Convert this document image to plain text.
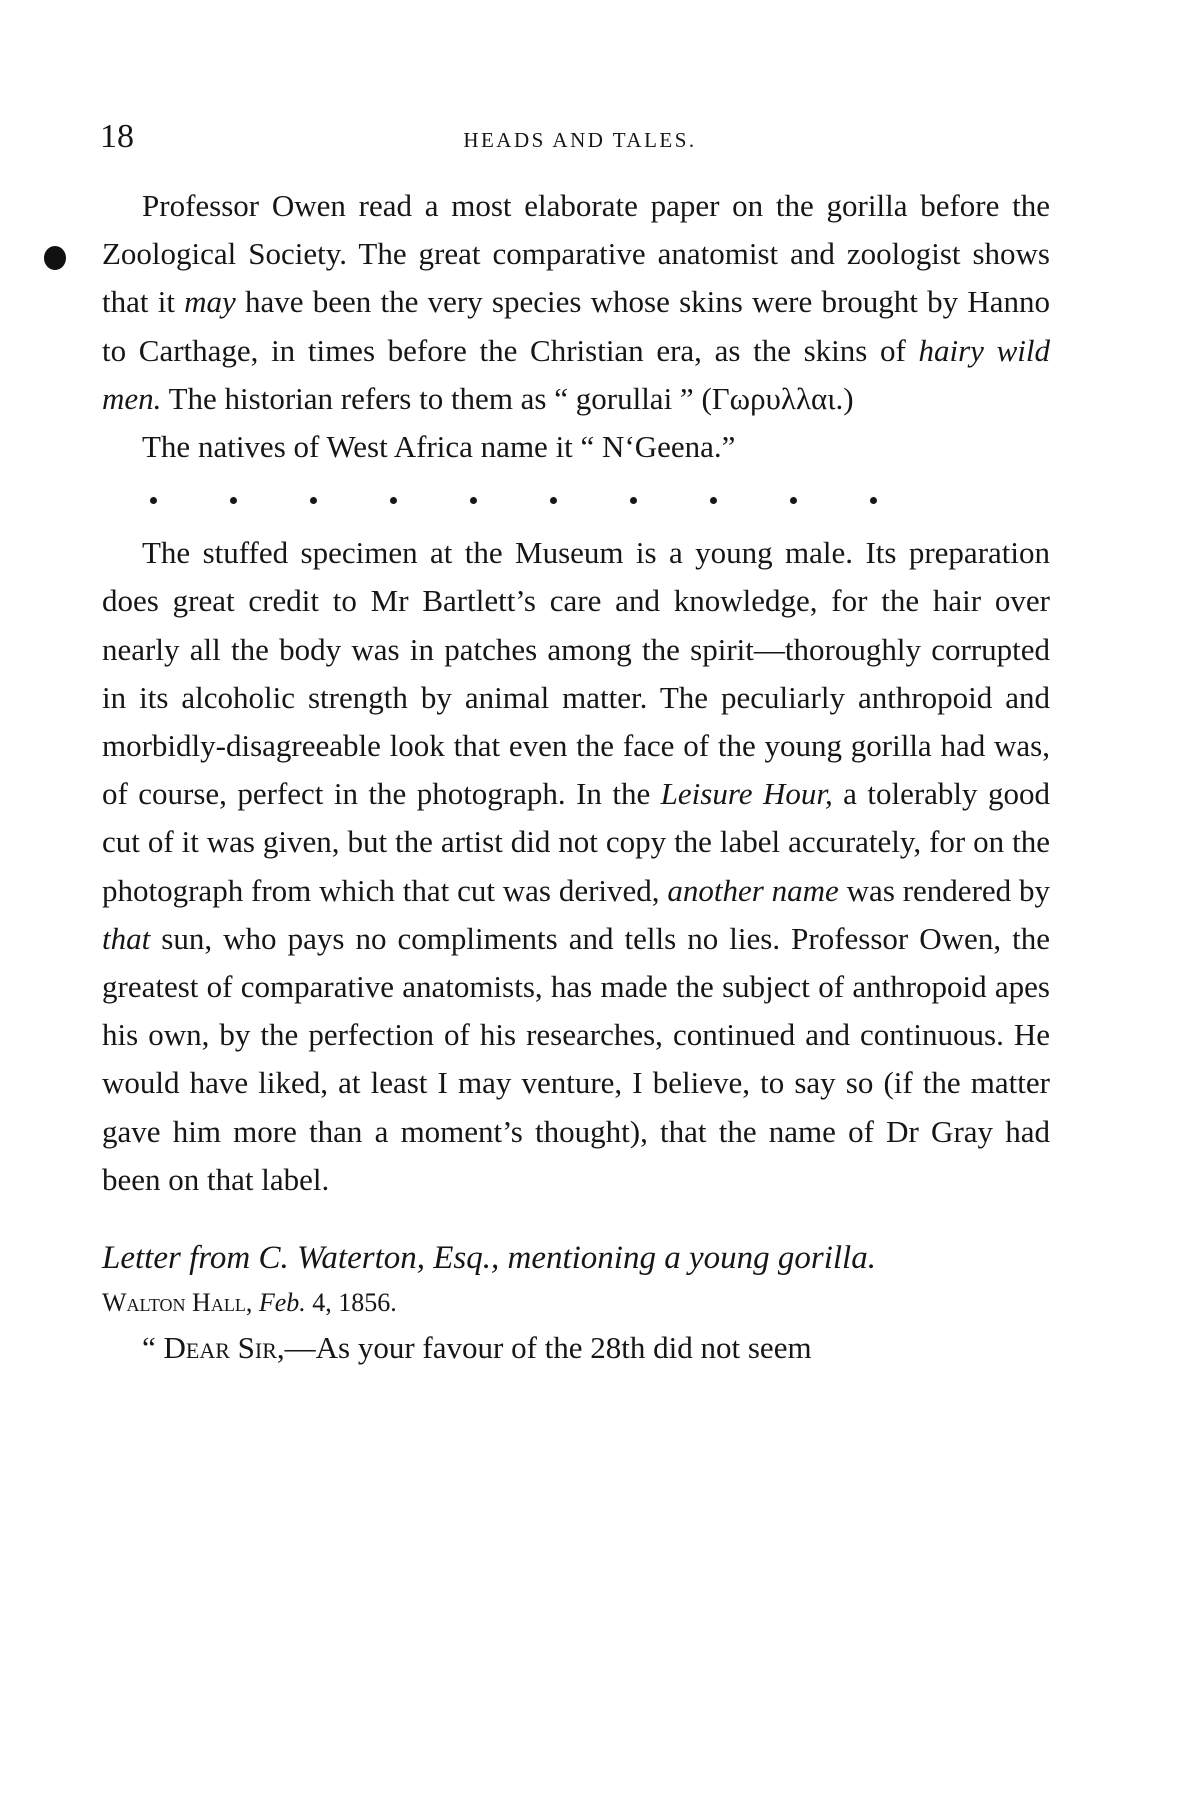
18	HEADS AND TALES.

Professor Owen read a most elaborate paper on the gorilla before the Zoological Society. The great comparative anatomist and zoologist shows that it may have been the very species whose skins were brought by Hanno to Carthage, in times before the Christian era, as the skins of hairy wild men. The historian refers to them as “ gorullai ” (Γωρυλλαι.)

The natives of West Africa name it “ N‘Geena.”

The stuffed specimen at the Museum is a young male. Its preparation does great credit to Mr Bartlett’s care and knowledge, for the hair over nearly all the body was in patches among the spirit—thoroughly corrupted in its alcoholic strength by animal matter. The peculiarly anthropoid and morbidly-disagreeable look that even the face of the young gorilla had was, of course, perfect in the photograph. In the Leisure Hour, a tolerably good cut of it was given, but the artist did not copy the label accurately, for on the photograph from which that cut was derived, another name was rendered by that sun, who pays no compliments and tells no lies. Professor Owen, the greatest of comparative anatomists, has made the subject of anthropoid apes his own, by the perfection of his researches, continued and continuous. He would have liked, at least I may venture, I believe, to say so (if the matter gave him more than a moment’s thought), that the name of Dr Gray had been on that label.

Letter from C. Waterton, Esq., mentioning a young gorilla.

Walton Hall, Feb. 4, 1856.

“ Dear Sir,—As your favour of the 28th did not seem
